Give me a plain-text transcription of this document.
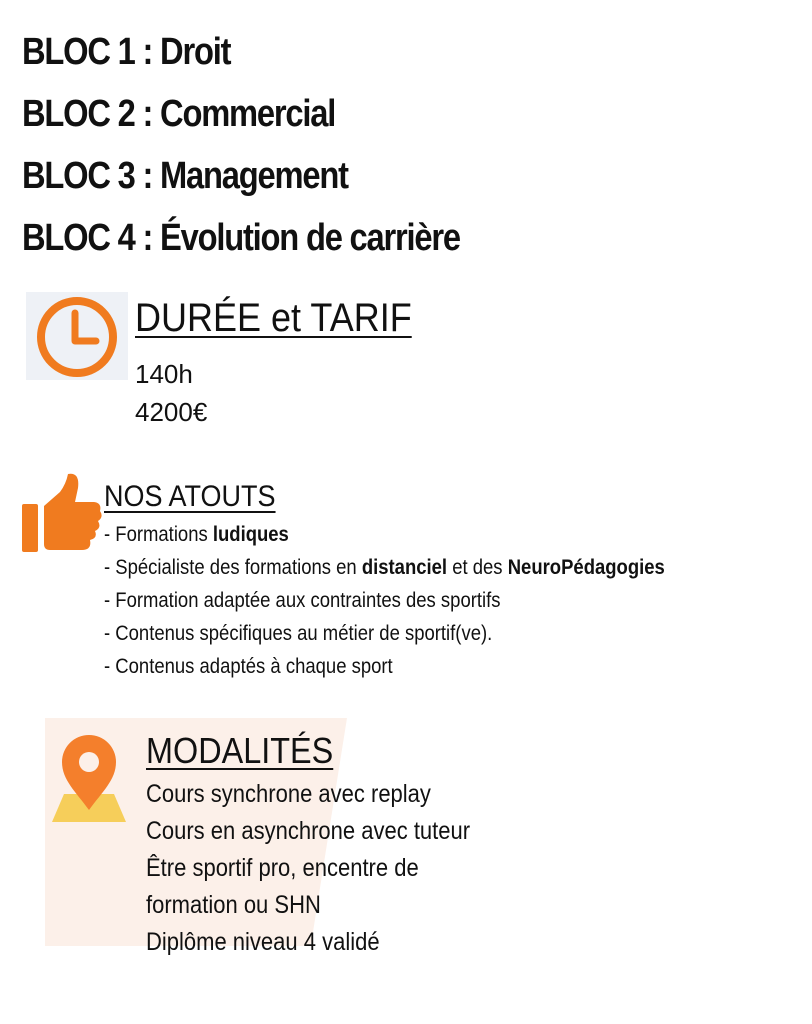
BLOC 1 : Droit
BLOC 2 : Commercial
BLOC 3 : Management
BLOC 4 : Évolution de carrière
DURÉE et TARIF
140h
4200€
NOS ATOUTS
- Formations ludiques
- Spécialiste des formations en distanciel et des NeuroPédagogies
- Formation adaptée aux contraintes des sportifs
- Contenus spécifiques au métier de sportif(ve).
- Contenus adaptés à chaque sport
MODALITÉS
Cours synchrone avec replay
Cours en asynchrone avec tuteur
Être sportif pro, encentre de
formation ou SHN
Diplôme niveau 4 validé
